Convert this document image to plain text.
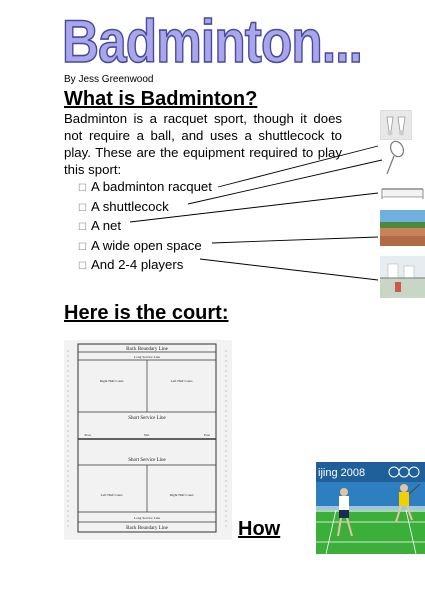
Badminton...
By Jess Greenwood
What is Badminton?
Badminton is a racquet sport, though it does not require a ball, and uses a shuttlecock to play. These are the equipment required to play this sport:
☐ A badminton racquet
☐ A shuttlecock
☐ A net
☐ A wide open space
☐ And 2-4 players
Here is the court:
Back Boundary Line
Long Service Line
Right Half Court.	Left Half Court.
Short Service Line
Post.	Net.	Post
Short Service Line
Left Half Court.	Right Half Court.
Long Service Line
Back Boundary Line	How
ijing 2008
